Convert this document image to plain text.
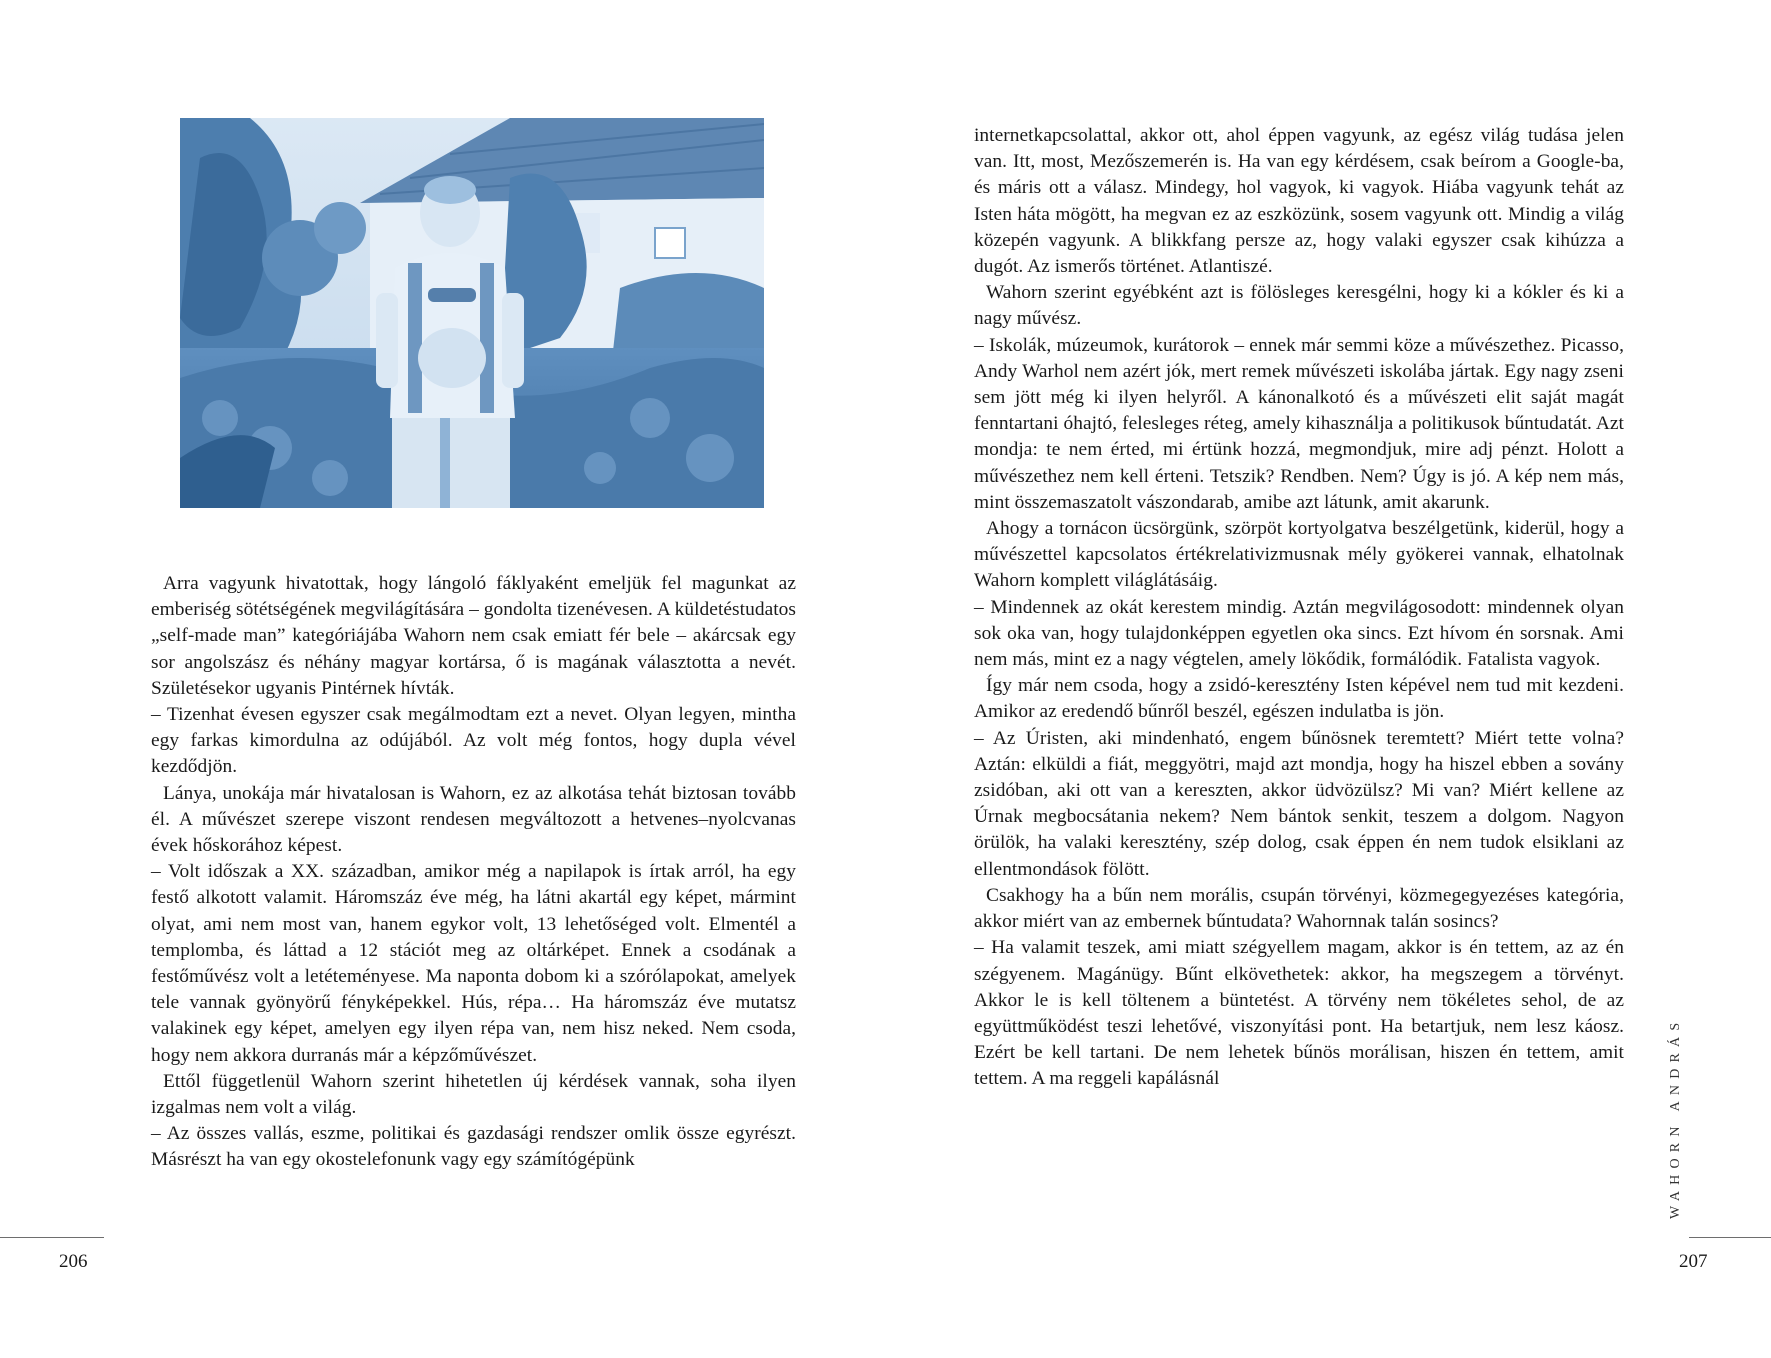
Arra vagyunk hivatottak, hogy lángoló fáklyaként emeljük fel magunkat az emberiség sötétségének megvilágítására – gondolta tizenévesen. A küldetéstudatos „self-made man” kategóriájába Wahorn nem csak emiatt fér bele – akárcsak egy sor angolszász és néhány magyar kortársa, ő is magának választotta a nevét. Születésekor ugyanis Pintérnek hívták.

– Tizenhat évesen egyszer csak megálmodtam ezt a nevet. Olyan legyen, mintha egy farkas kimordulna az odújából. Az volt még fontos, hogy dupla vével kezdődjön.

Lánya, unokája már hivatalosan is Wahorn, ez az alkotása tehát biztosan tovább él. A művészet szerepe viszont rendesen megváltozott a hetvenes–nyolcvanas évek hőskorához képest.

– Volt időszak a XX. században, amikor még a napilapok is írtak arról, ha egy festő alkotott valamit. Háromszáz éve még, ha látni akartál egy képet, mármint olyat, ami nem most van, hanem egykor volt, 13 lehetőséged volt. Elmentél a templomba, és láttad a 12 stációt meg az oltárképet. Ennek a csodának a festőművész volt a letéteményese. Ma naponta dobom ki a szórólapokat, amelyek tele vannak gyönyörű fényképekkel. Hús, répa… Ha háromszáz éve mutatsz valakinek egy képet, amelyen egy ilyen répa van, nem hisz neked. Nem csoda, hogy nem akkora durranás már a képzőművészet.

Ettől függetlenül Wahorn szerint hihetetlen új kérdések vannak, soha ilyen izgalmas nem volt a világ.

– Az összes vallás, eszme, politikai és gazdasági rendszer omlik össze egyrészt. Másrészt ha van egy okostelefonunk vagy egy számítógépünk

internetkapcsolattal, akkor ott, ahol éppen vagyunk, az egész világ tudása jelen van. Itt, most, Mezőszemerén is. Ha van egy kérdésem, csak beírom a Google-ba, és máris ott a válasz. Mindegy, hol vagyok, ki vagyok. Hiába vagyunk tehát az Isten háta mögött, ha megvan ez az eszközünk, sosem vagyunk ott. Mindig a világ közepén vagyunk. A blikkfang persze az, hogy valaki egyszer csak kihúzza a dugót. Az ismerős történet. Atlantiszé.

Wahorn szerint egyébként azt is fölösleges keresgélni, hogy ki a kókler és ki a nagy művész.

– Iskolák, múzeumok, kurátorok – ennek már semmi köze a művészethez. Picasso, Andy Warhol nem azért jók, mert remek művészeti iskolába jártak. Egy nagy zseni sem jött még ki ilyen helyről. A kánonalkotó és a művészeti elit saját magát fenntartani óhajtó, felesleges réteg, amely kihasználja a politikusok bűntudatát. Azt mondja: te nem érted, mi értünk hozzá, megmondjuk, mire adj pénzt. Holott a művészethez nem kell érteni. Tetszik? Rendben. Nem? Úgy is jó. A kép nem más, mint összemaszatolt vászondarab, amibe azt látunk, amit akarunk.

Ahogy a tornácon ücsörgünk, szörpöt kortyolgatva beszélgetünk, kiderül, hogy a művészettel kapcsolatos értékrelativizmusnak mély gyökerei vannak, elhatolnak Wahorn komplett világlátásáig.

– Mindennek az okát kerestem mindig. Aztán megvilágosodott: mindennek olyan sok oka van, hogy tulajdonképpen egyetlen oka sincs. Ezt hívom én sorsnak. Ami nem más, mint ez a nagy végtelen, amely lökődik, formálódik. Fatalista vagyok.

Így már nem csoda, hogy a zsidó-keresztény Isten képével nem tud mit kezdeni. Amikor az eredendő bűnről beszél, egészen indulatba is jön.

– Az Úristen, aki mindenható, engem bűnösnek teremtett? Miért tette volna? Aztán: elküldi a fiát, meggyötri, majd azt mondja, hogy ha hiszel ebben a sovány zsidóban, aki ott van a kereszten, akkor üdvözülsz? Mi van? Miért kellene az Úrnak megbocsátania nekem? Nem bántok senkit, teszem a dolgom. Nagyon örülök, ha valaki keresztény, szép dolog, csak éppen én nem tudok elsiklani az ellentmondások fölött.

Csakhogy ha a bűn nem morális, csupán törvényi, közmegegyezéses kategória, akkor miért van az embernek bűntudata? Wahornnak talán sosincs?

– Ha valamit teszek, ami miatt szégyellem magam, akkor is én tettem, az az én szégyenem. Magánügy. Bűnt elkövethetek: akkor, ha megszegem a törvényt. Akkor le is kell töltenem a büntetést. A törvény nem tökéletes sehol, de az együttműködést teszi lehetővé, viszonyítási pont. Ha betartjuk, nem lesz káosz. Ezért be kell tartani. De nem lehetek bűnös morálisan, hiszen én tettem, amit tettem. A ma reggeli kapálásnál

206	207
WAHORN ANDRÁS
